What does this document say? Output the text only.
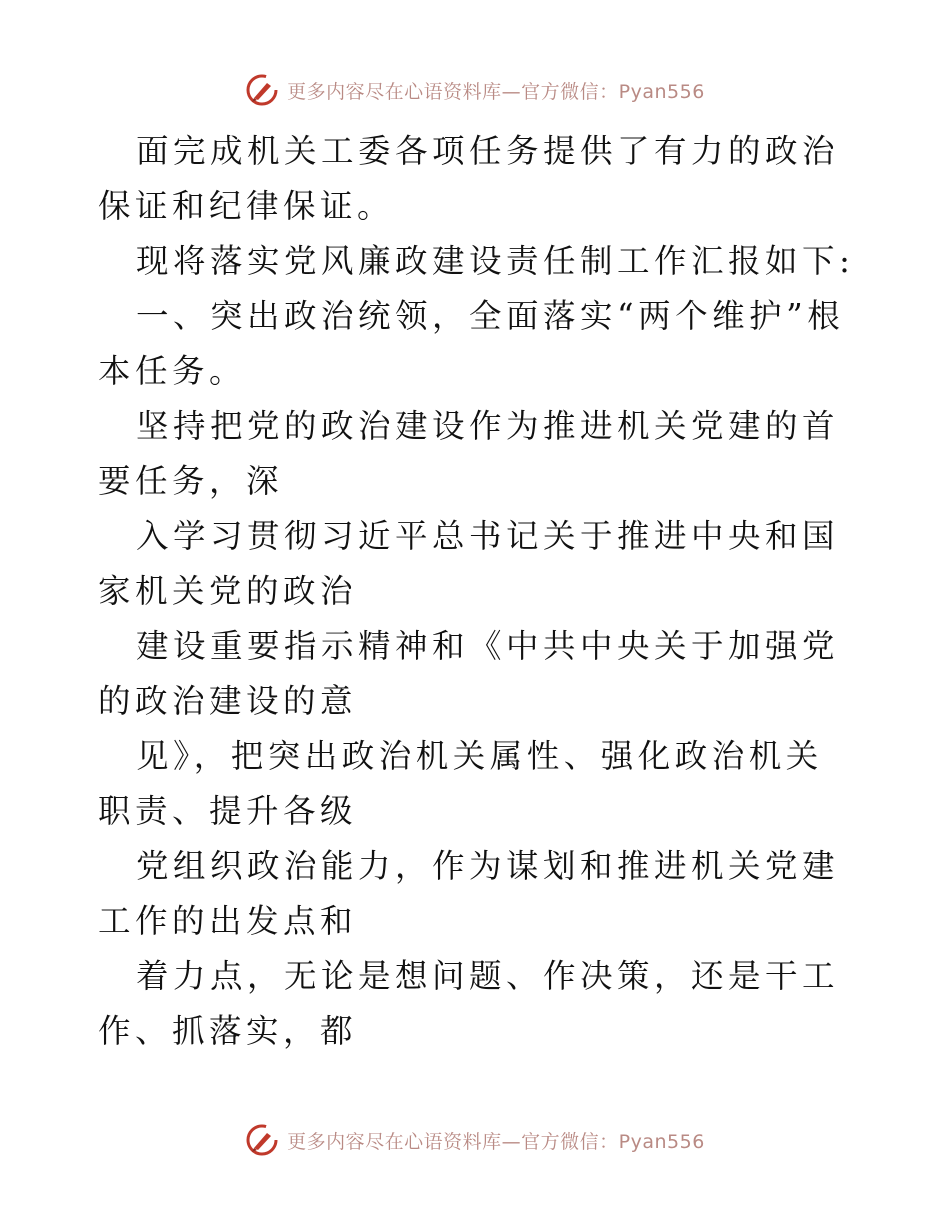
更多内容尽在心语资料库—官方微信：Pyan556

面完成机关工委各项任务提供了有力的政治保证和纪律保证。

现将落实党风廉政建设责任制工作汇报如下:

一、突出政治统领，全面落实“两个维护”根本任务。

坚持把党的政治建设作为推进机关党建的首要任务，深

入学习贯彻习近平总书记关于推进中央和国家机关党的政治

建设重要指示精神和《中共中央关于加强党的政治建设的意

见》，把突出政治机关属性、强化政治机关职责、提升各级

党组织政治能力，作为谋划和推进机关党建工作的出发点和

着力点，无论是想问题、作决策，还是干工作、抓落实，都

更多内容尽在心语资料库—官方微信：Pyan556
